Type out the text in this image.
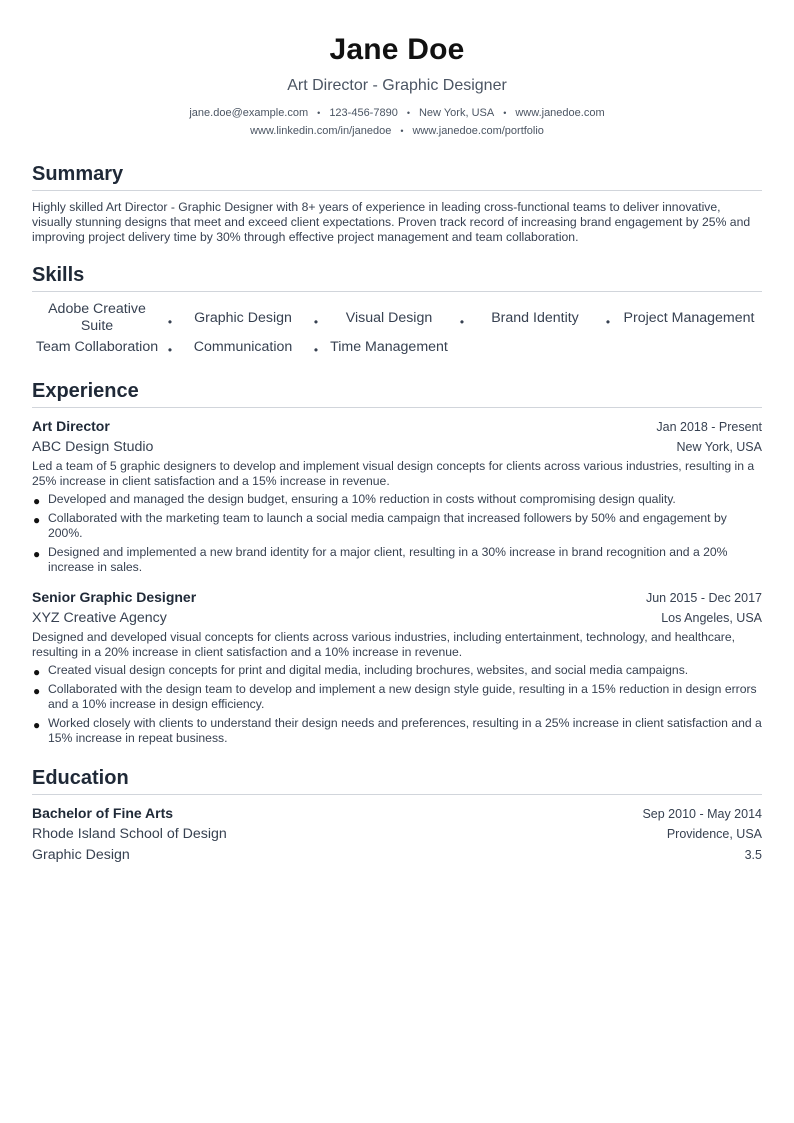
Jane Doe
Art Director - Graphic Designer
jane.doe@example.com • 123-456-7890 • New York, USA • www.janedoe.com
www.linkedin.com/in/janedoe • www.janedoe.com/portfolio
Summary
Highly skilled Art Director - Graphic Designer with 8+ years of experience in leading cross-functional teams to deliver innovative, visually stunning designs that meet and exceed client expectations. Proven track record of increasing brand engagement by 25% and improving project delivery time by 30% through effective project management and team collaboration.
Skills
Adobe Creative Suite	•	Graphic Design	•	Visual Design	•	Brand Identity	• Project Management
Team Collaboration •	Communication	• Time Management
Experience
Art Director	Jan 2018 - Present
ABC Design Studio	New York, USA
Led a team of 5 graphic designers to develop and implement visual design concepts for clients across various industries, resulting in a 25% increase in client satisfaction and a 15% increase in revenue.
● Developed and managed the design budget, ensuring a 10% reduction in costs without compromising design quality.
● Collaborated with the marketing team to launch a social media campaign that increased followers by 50% and engagement by 200%.
● Designed and implemented a new brand identity for a major client, resulting in a 30% increase in brand recognition and a 20% increase in sales.
Senior Graphic Designer	Jun 2015 - Dec 2017
XYZ Creative Agency	Los Angeles, USA
Designed and developed visual concepts for clients across various industries, including entertainment, technology, and healthcare, resulting in a 20% increase in client satisfaction and a 10% increase in revenue.
● Created visual design concepts for print and digital media, including brochures, websites, and social media campaigns.
● Collaborated with the design team to develop and implement a new design style guide, resulting in a 15% reduction in design errors and a 10% increase in design efficiency.
● Worked closely with clients to understand their design needs and preferences, resulting in a 25% increase in client satisfaction and a 15% increase in repeat business.
Education
Bachelor of Fine Arts	Sep 2010 - May 2014
Rhode Island School of Design	Providence, USA
Graphic Design	3.5
